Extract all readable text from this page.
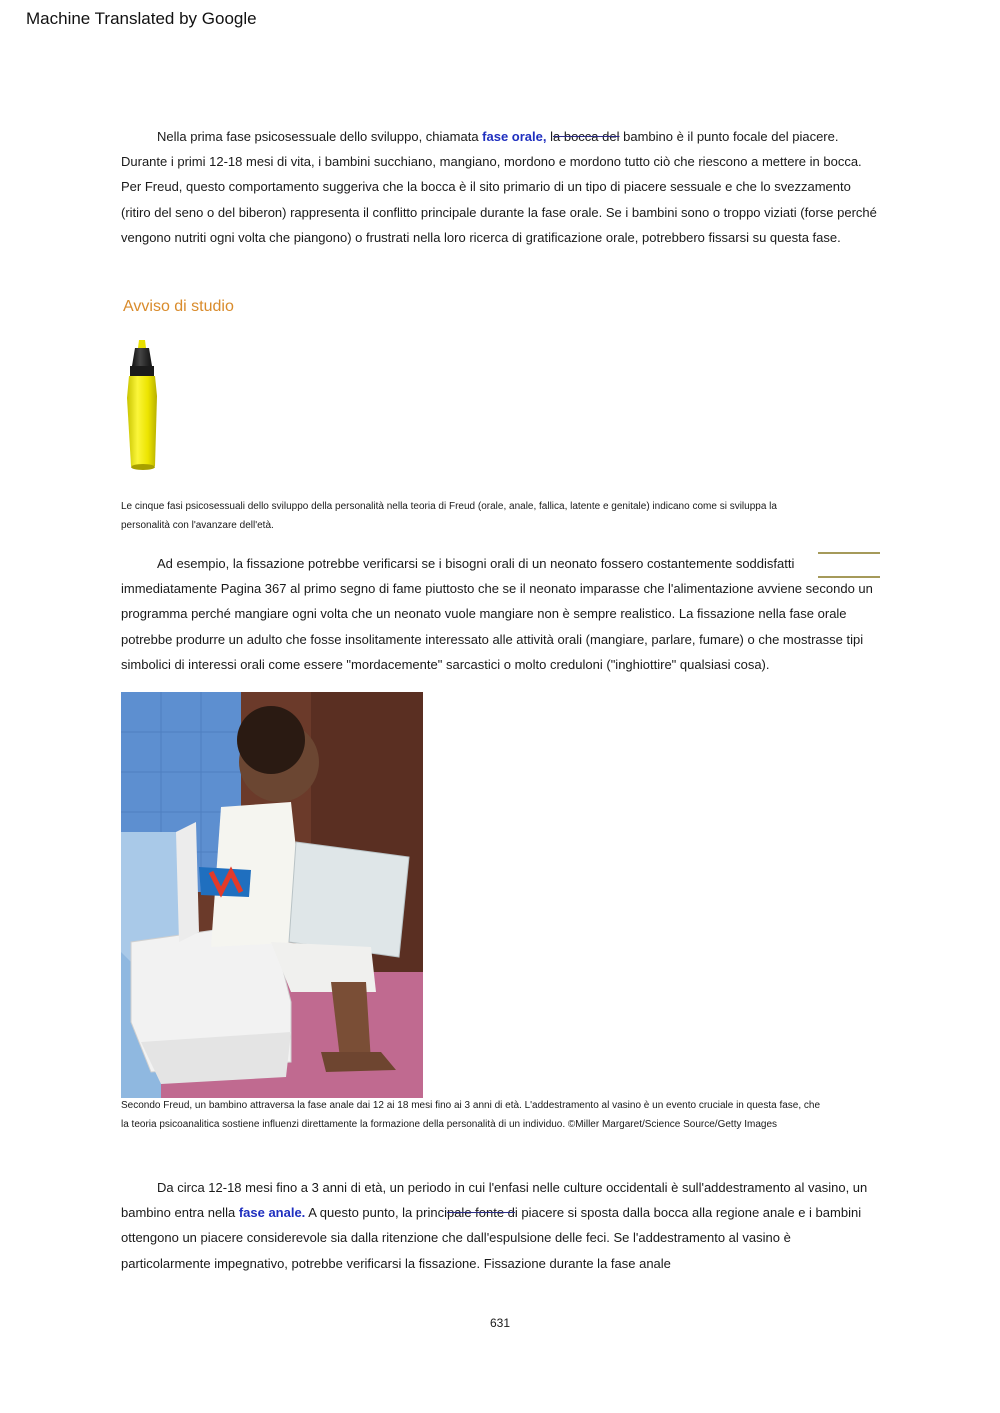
Machine Translated by Google

Nella prima fase psicosessuale dello sviluppo, chiamata fase orale, la bocca del bambino è il punto focale del piacere. Durante i primi 12-18 mesi di vita, i bambini succhiano, mangiano, mordono e mordono tutto ciò che riescono a mettere in bocca. Per Freud, questo comportamento suggeriva che la bocca è il sito primario di un tipo di piacere sessuale e che lo svezzamento (ritiro del seno o del biberon) rappresenta il conflitto principale durante la fase orale. Se i bambini sono o troppo viziati (forse perché vengono nutriti ogni volta che piangono) o frustrati nella loro ricerca di gratificazione orale, potrebbero fissarsi su questa fase.

Avviso di studio

Le cinque fasi psicosessuali dello sviluppo della personalità nella teoria di Freud (orale, anale, fallica, latente e genitale) indicano come si sviluppa la personalità con l'avanzare dell'età.

Ad esempio, la fissazione potrebbe verificarsi se i bisogni orali di un neonato fossero costantemente soddisfatti
immediatamente Pagina 367 al primo segno di fame piuttosto che se il neonato imparasse che l'alimentazione avviene secondo un programma perché mangiare ogni volta che un neonato vuole mangiare non è sempre realistico. La fissazione nella fase orale potrebbe produrre un adulto che fosse insolitamente interessato alle attività orali (mangiare, parlare, fumare) o che mostrasse tipi simbolici di interessi orali come essere "mordacemente" sarcastici o molto creduloni ("inghiottire" qualsiasi cosa).

Secondo Freud, un bambino attraversa la fase anale dai 12 ai 18 mesi fino ai 3 anni di età. L'addestramento al vasino è un evento cruciale in questa fase, che la teoria psicoanalitica sostiene influenzi direttamente la formazione della personalità di un individuo. ©Miller Margaret/Science Source/Getty Images

Da circa 12-18 mesi fino a 3 anni di età, un periodo in cui l'enfasi nelle culture occidentali è sull'addestramento al vasino, un bambino entra nella fase anale. A questo punto, la principale fonte di piacere si sposta dalla bocca alla regione anale e i bambini ottengono un piacere considerevole sia dalla ritenzione che dall'espulsione delle feci. Se l'addestramento al vasino è particolarmente impegnativo, potrebbe verificarsi la fissazione. Fissazione durante la fase anale

631
